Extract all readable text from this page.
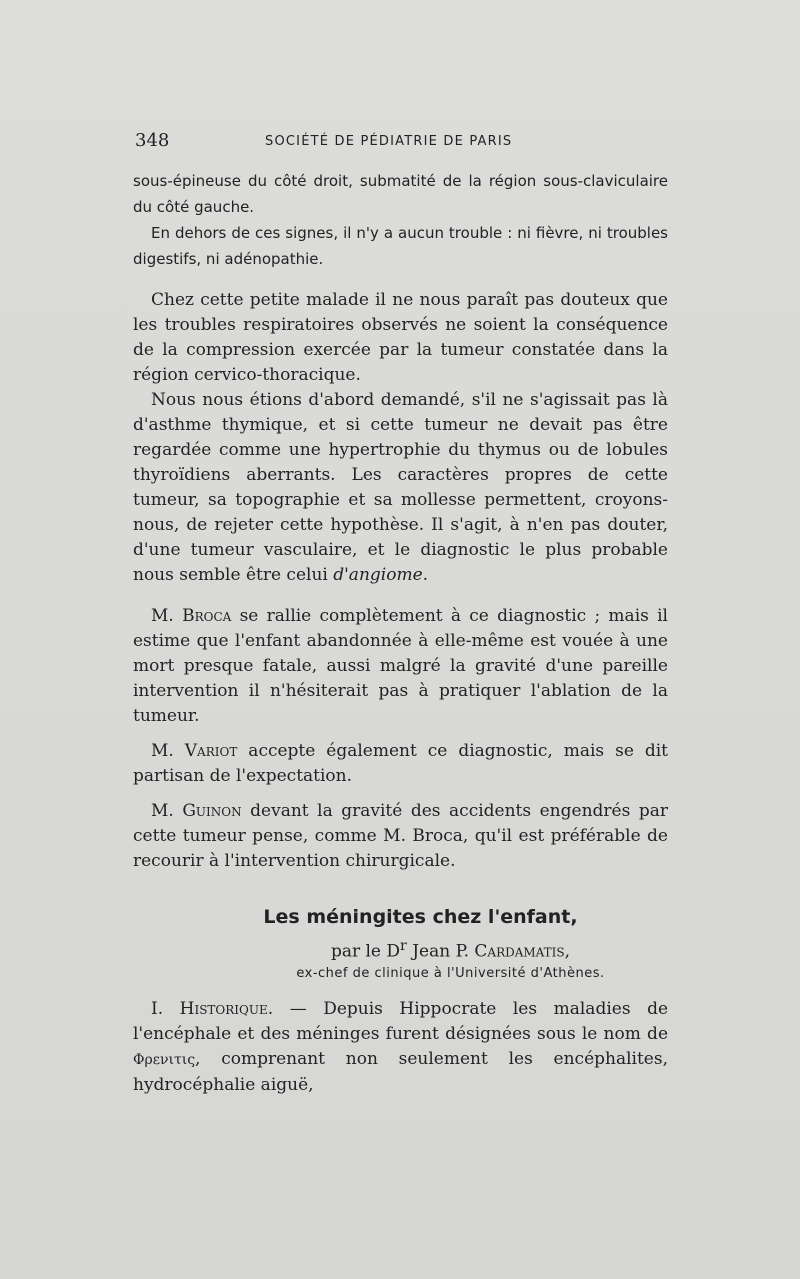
348	SOCIÉTÉ DE PÉDIATRIE DE PARIS

sous-épineuse du côté droit, submatité de la région sous-claviculaire du côté gauche.

En dehors de ces signes, il n'y a aucun trouble : ni fièvre, ni troubles digestifs, ni adénopathie.

Chez cette petite malade il ne nous paraît pas douteux que les troubles respiratoires observés ne soient la conséquence de la compression exercée par la tumeur constatée dans la région cervico-thoracique.

Nous nous étions d'abord demandé, s'il ne s'agissait pas là d'asthme thymique, et si cette tumeur ne devait pas être regardée comme une hypertrophie du thymus ou de lobules thyroïdiens aberrants. Les caractères propres de cette tumeur, sa topographie et sa mollesse permettent, croyons-nous, de rejeter cette hypothèse. Il s'agit, à n'en pas douter, d'une tumeur vasculaire, et le diagnostic le plus probable nous semble être celui d'angiome.

M. Broca se rallie complètement à ce diagnostic ; mais il estime que l'enfant abandonnée à elle-même est vouée à une mort presque fatale, aussi malgré la gravité d'une pareille intervention il n'hésiterait pas à pratiquer l'ablation de la tumeur.

M. Variot accepte également ce diagnostic, mais se dit partisan de l'expectation.

M. Guinon devant la gravité des accidents engendrés par cette tumeur pense, comme M. Broca, qu'il est préférable de recourir à l'intervention chirurgicale.

Les méningites chez l'enfant,
par le $D^r$ Jean P. Cardamatis,
ex-chef de clinique à l'Université d'Athènes.

I. Historique. — Depuis Hippocrate les maladies de l'encéphale et des méninges furent désignées sous le nom de Φρενιτις, comprenant non seulement les encéphalites, hydrocéphalie aiguë,
